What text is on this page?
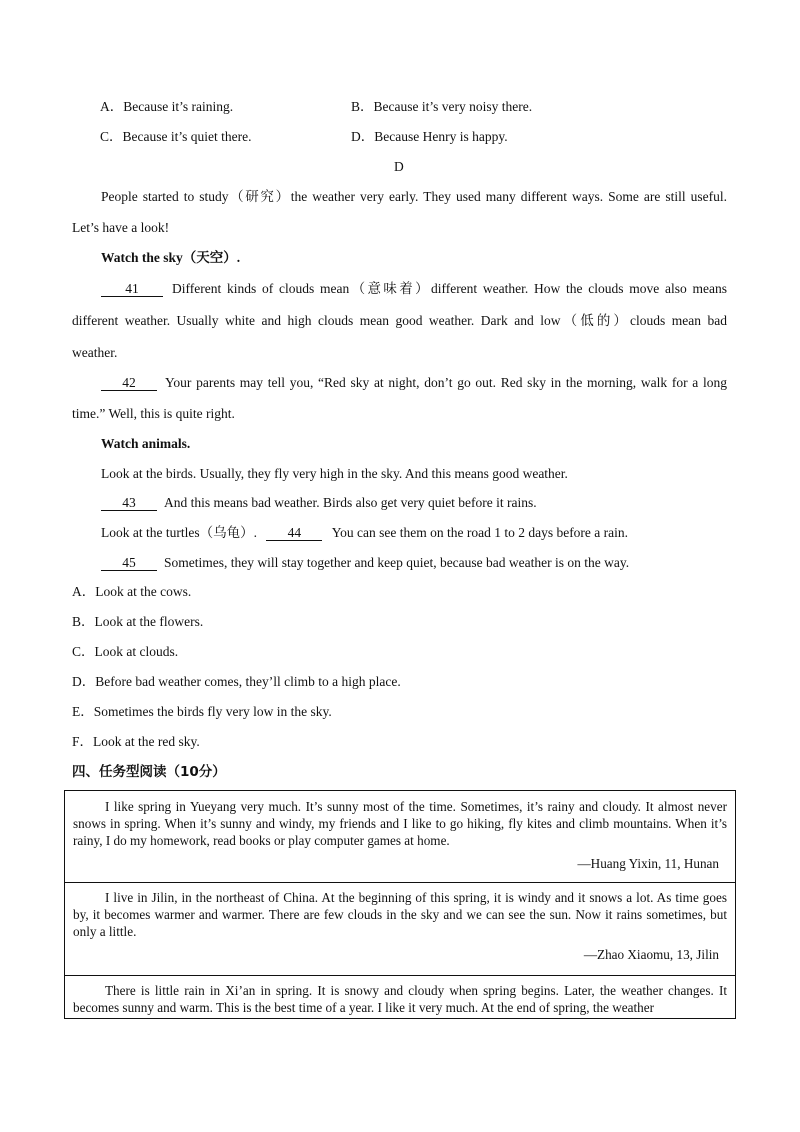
A．Because it’s raining.	B．Because it’s very noisy there.
C．Because it’s quiet there.	D．Because Henry is happy.
D
People started to study（研究）the weather very early. They used many different ways. Some are still useful.
Let’s have a look!
Watch the sky（天空）.
41	Different kinds of clouds mean（意味着）different weather. How the clouds move also means
different weather. Usually white and high clouds mean good weather. Dark and low（低的）clouds mean bad
weather.
42	Your parents may tell you, “Red sky at night, don’t go out. Red sky in the morning, walk for a long
time.” Well, this is quite right.
Watch animals.
Look at the birds. Usually, they fly very high in the sky. And this means good weather.
43	And this means bad weather. Birds also get very quiet before it rains.
Look at the turtles（乌龟）. 44 You can see them on the road 1 to 2 days before a rain.
45	Sometimes, they will stay together and keep quiet, because bad weather is on the way.
A．Look at the cows.
B．Look at the flowers.
C．Look at clouds.
D．Before bad weather comes, they’ll climb to a high place.
E．Sometimes the birds fly very low in the sky.
F．Look at the red sky.
四、任务型阅读（10分）

I like spring in Yueyang very much. It’s sunny most of the time. Sometimes, it’s rainy and cloudy. It almost never snows in spring. When it’s sunny and windy, my friends and I like to go hiking, fly kites and climb mountains. When it’s rainy, I do my homework, read books or play computer games at home.

—Huang Yixin, 11, Hunan

I live in Jilin, in the northeast of China. At the beginning of this spring, it is windy and it snows a lot. As time goes by, it becomes warmer and warmer. There are few clouds in the sky and we can see the sun. Now it rains sometimes, but only a little.

—Zhao Xiaomu, 13, Jilin

There is little rain in Xi’an in spring. It is snowy and cloudy when spring begins. Later, the weather changes. It becomes sunny and warm. This is the best time of a year. I like it very much. At the end of spring, the weather
